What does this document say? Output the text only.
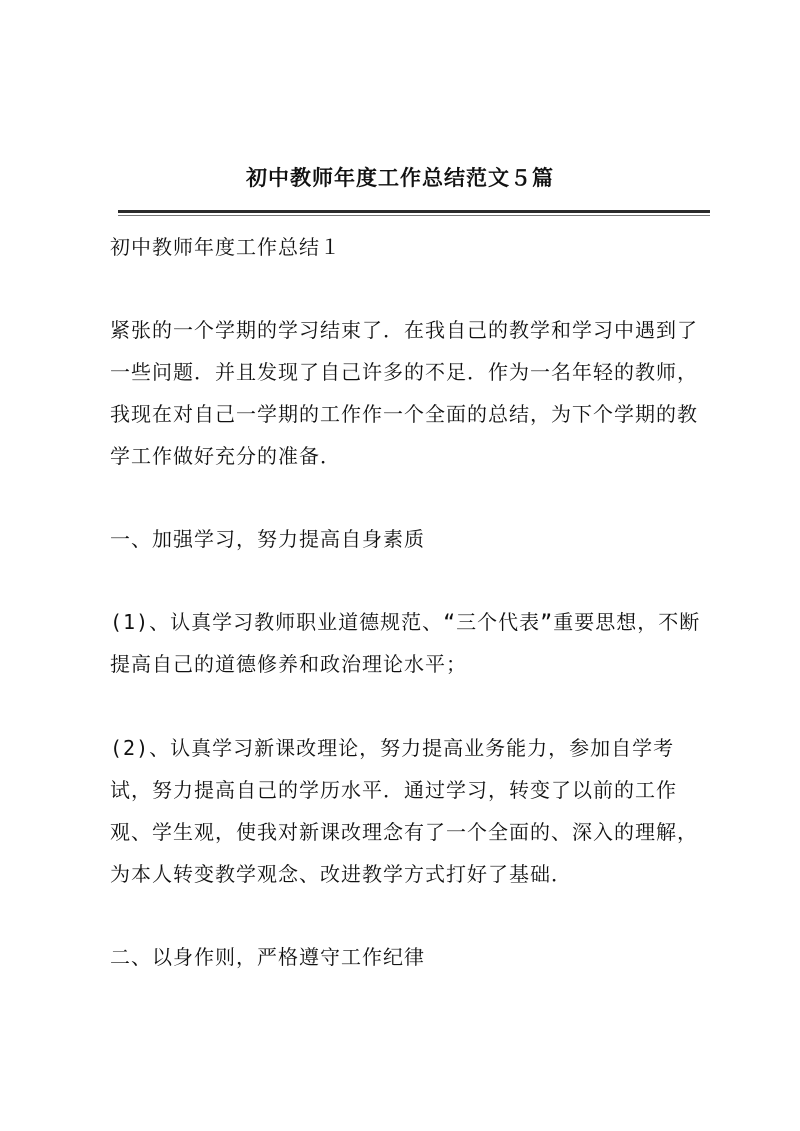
初中教师年度工作总结范文５篇

初中教师年度工作总结１

紧张的一个学期的学习结束了．在我自己的教学和学习中遇到了一些问题．并且发现了自己许多的不足．作为一名年轻的教师，我现在对自己一学期的工作作一个全面的总结，为下个学期的教学工作做好充分的准备．

一、加强学习，努力提高自身素质

(1)、认真学习教师职业道德规范、“三个代表”重要思想，不断提高自己的道德修养和政治理论水平；

(2)、认真学习新课改理论，努力提高业务能力，参加自学考试，努力提高自己的学历水平．通过学习，转变了以前的工作观、学生观，使我对新课改理念有了一个全面的、深入的理解，为本人转变教学观念、改进教学方式打好了基础．

二、以身作则，严格遵守工作纪律
